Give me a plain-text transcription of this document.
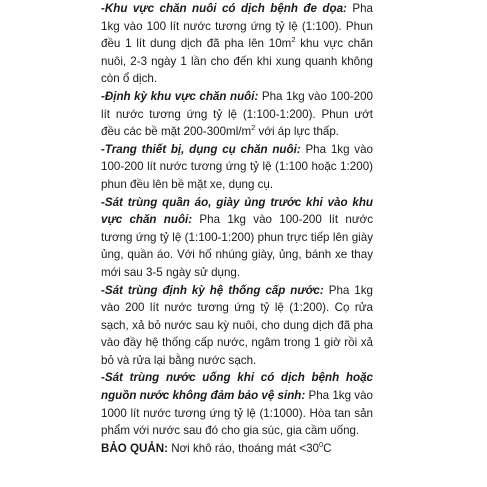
-Khu vực chăn nuôi có dịch bệnh đe dọa: Pha 1kg vào 100 lít nước tương ứng tỷ lệ (1:100). Phun đều 1 lít dung dịch đã pha lên $10m^2$ khu vực chăn nuôi, 2-3 ngày 1 lần cho đến khi xung quanh không còn ổ dịch.

-Định kỳ khu vực chăn nuôi: Pha 1kg vào 100-200 lít nước tương ứng tỷ lệ (1:100-1:200). Phun ướt đều các bề mặt $200-300ml/m^2$ với áp lực thấp.

-Trang thiết bị, dụng cụ chăn nuôi: Pha 1kg vào 100-200 lít nước tương ứng tỷ lệ (1:100 hoặc 1:200) phun đều lên bề mặt xe, dụng cụ.

-Sát trùng quần áo, giày ủng trước khi vào khu vực chăn nuôi: Pha 1kg vào 100-200 lít nước tương ứng tỷ lệ (1:100-1:200) phun trực tiếp lên giày ủng, quần áo. Với hố nhúng giày, ủng, bánh xe thay mới sau 3-5 ngày sử dụng.

-Sát trùng định kỳ hệ thống cấp nước: Pha 1kg vào 200 lít nước tương ứng tỷ lệ (1:200). Cọ rửa sạch, xả bỏ nước sau kỳ nuôi, cho dung dịch đã pha vào đầy hệ thống cấp nước, ngâm trong 1 giờ rồi xả bỏ và rửa lại bằng nước sạch.

-Sát trùng nước uống khi có dịch bệnh hoặc nguồn nước không đảm bảo vệ sinh: Pha 1kg vào 1000 lít nước tương ứng tỷ lệ (1:1000). Hòa tan sản phẩm với nước sau đó cho gia súc, gia cầm uống.

BẢO QUẢN: Nơi khô ráo, thoáng mát $<30^0C$
